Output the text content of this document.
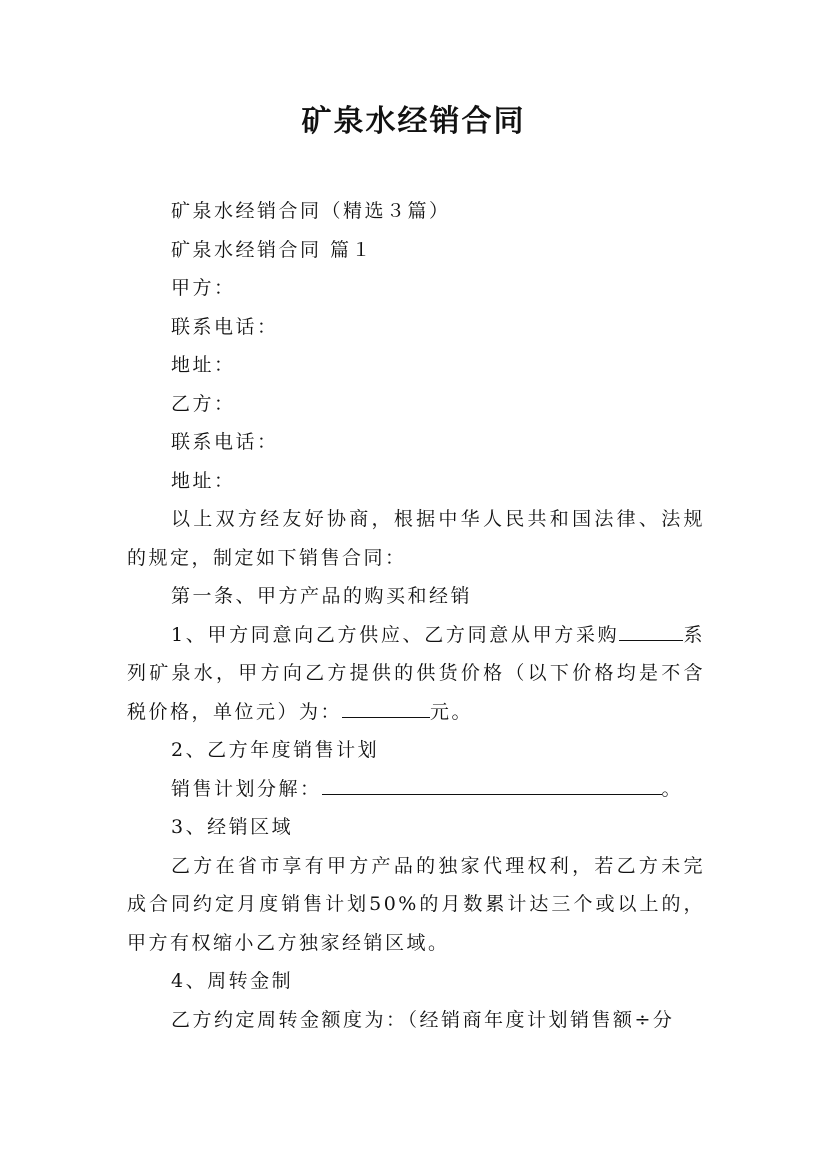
矿泉水经销合同

矿泉水经销合同（精选３篇）

矿泉水经销合同 篇１

甲方：

联系电话：

地址：

乙方：

联系电话：

地址：

以上双方经友好协商，根据中华人民共和国法律、法规的规定，制定如下销售合同：

第一条、甲方产品的购买和经销

1、甲方同意向乙方供应、乙方同意从甲方采购	系列矿泉水，甲方向乙方提供的供货价格（以下价格均是不含税价格，单位元）为：	元。

2、乙方年度销售计划

销售计划分解：	。

3、经销区域

乙方在省市享有甲方产品的独家代理权利，若乙方未完成合同约定月度销售计划50%的月数累计达三个或以上的，甲方有权缩小乙方独家经销区域。

4、周转金制

乙方约定周转金额度为：（经销商年度计划销售额÷分
